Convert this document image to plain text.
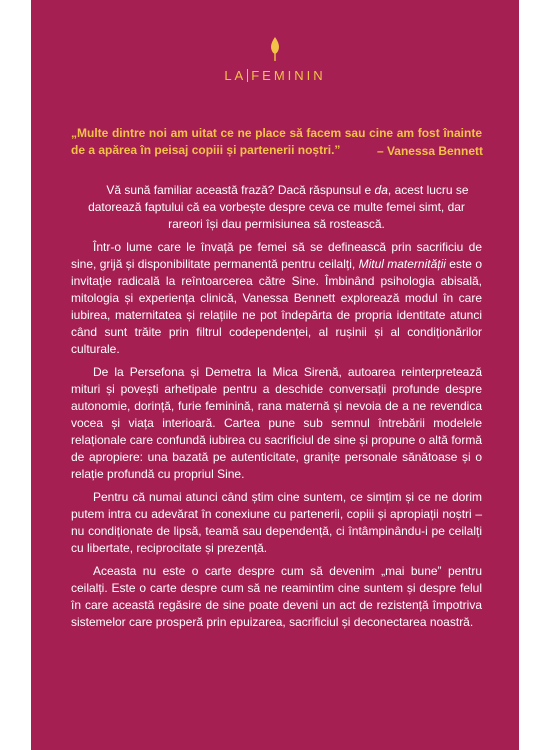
LA FEMININ
„Multe dintre noi am uitat ce ne place să facem sau cine am fost înainte de a apărea în peisaj copiii și partenerii noștri.”	– Vanessa Bennett

Vă sună familiar această frază? Dacă răspunsul e da, acest lucru se datorează faptului că ea vorbește despre ceva ce multe femei simt, dar rareori își dau permisiunea să rostească.

Într-o lume care le învață pe femei să se definească prin sacrificiu de sine, grijă și disponibilitate permanentă pentru ceilalți, Mitul maternității este o invitație radicală la reîntoarcerea către Sine. Îmbinând psihologia abisală, mitologia și experiența clinică, Vanessa Bennett explorează modul în care iubirea, maternitatea și relațiile ne pot îndepărta de propria identitate atunci când sunt trăite prin filtrul codependenței, al rușinii și al condiționărilor culturale.

De la Persefona și Demetra la Mica Sirenă, autoarea reinterpretează mituri și povești arhetipale pentru a deschide conversații profunde despre autonomie, dorință, furie feminină, rana maternă și nevoia de a ne revendica vocea și viața interioară. Cartea pune sub semnul întrebării modelele relaționale care confundă iubirea cu sacrificiul de sine și propune o altă formă de apropiere: una bazată pe autenticitate, granițe personale sănătoase și o relație profundă cu propriul Sine.

Pentru că numai atunci când știm cine suntem, ce simțim și ce ne dorim putem intra cu adevărat în conexiune cu partenerii, copiii și apropiații noștri – nu condiționate de lipsă, teamă sau dependență, ci întâmpinându-i pe ceilalți cu libertate, reciprocitate și prezență.

Aceasta nu este o carte despre cum să devenim „mai bune” pentru ceilalți. Este o carte despre cum să ne reamintim cine suntem și despre felul în care această regăsire de sine poate deveni un act de rezistență împotriva sistemelor care prosperă prin epuizarea, sacrificiul și deconectarea noastră.
